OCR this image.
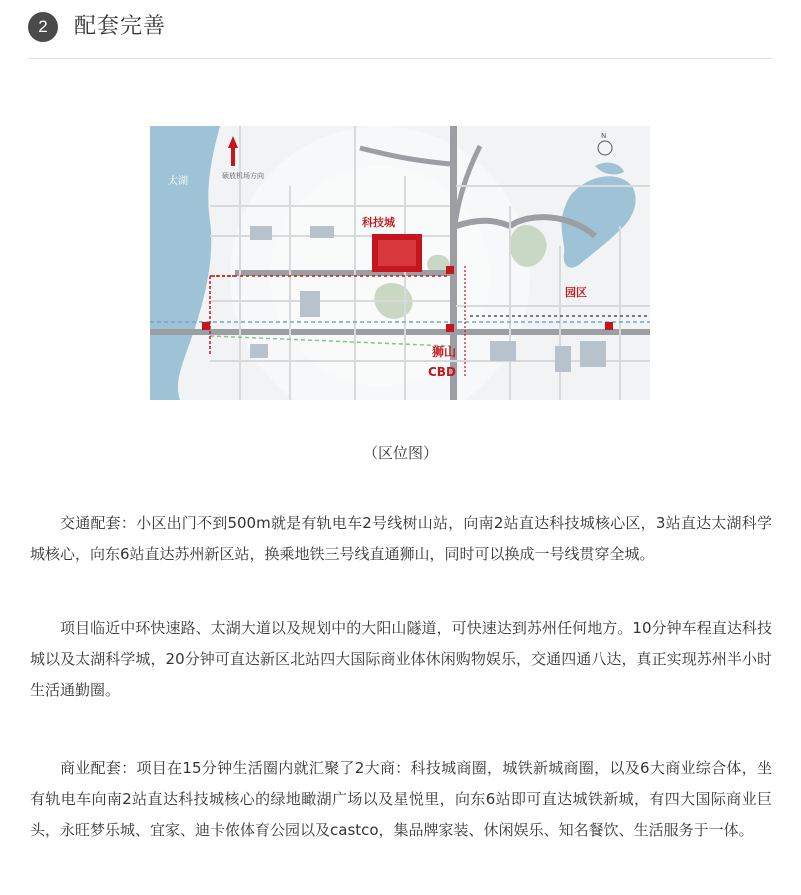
2	配套完善
太湖
科技城
狮山
CBD
园区
硕放机场方向
N
（区位图）

交通配套：小区出门不到500m就是有轨电车2号线树山站，向南2站直达科技城核心区，3站直达太湖科学城核心，向东6站直达苏州新区站，换乘地铁三号线直通狮山，同时可以换成一号线贯穿全城。

项目临近中环快速路、太湖大道以及规划中的大阳山隧道，可快速达到苏州任何地方。10分钟车程直达科技城以及太湖科学城，20分钟可直达新区北站四大国际商业体休闲购物娱乐，交通四通八达，真正实现苏州半小时生活通勤圈。

商业配套：项目在15分钟生活圈内就汇聚了2大商：科技城商圈，城铁新城商圈，以及6大商业综合体，坐有轨电车向南2站直达科技城核心的绿地瞰湖广场以及星悦里，向东6站即可直达城铁新城，有四大国际商业巨头，永旺梦乐城、宜家、迪卡侬体育公园以及castco，集品牌家装、休闲娱乐、知名餐饮、生活服务于一体。
